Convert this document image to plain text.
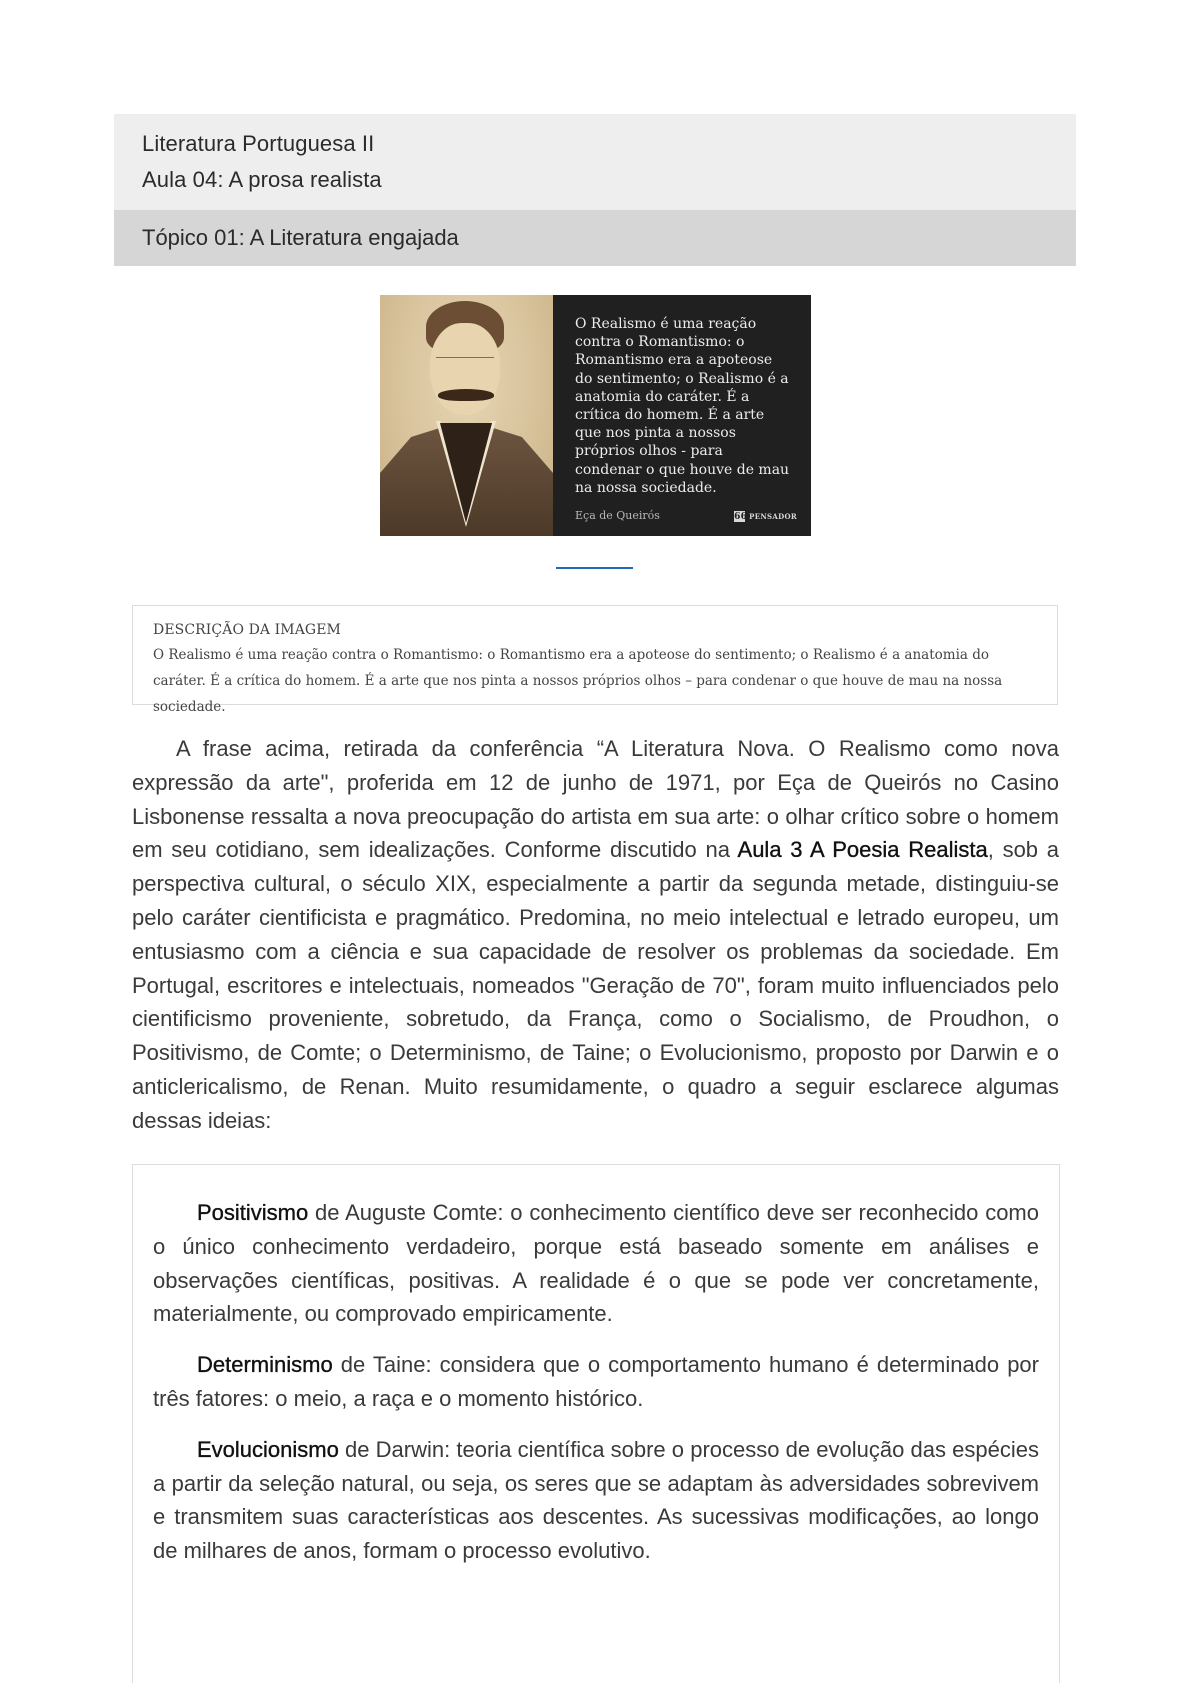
Literatura Portuguesa II
Aula 04: A prosa realista
Tópico 01: A Literatura engajada
O Realismo é uma reação contra o Romantismo: o Romantismo era a apoteose do sentimento; o Realismo é a anatomia do caráter. É a crítica do homem. É a arte que nos pinta a nossos próprios olhos - para condenar o que houve de mau na nossa sociedade.
Eça de Queirós	66 PENSADOR
DESCRIÇÃO DA IMAGEM
O Realismo é uma reação contra o Romantismo: o Romantismo era a apoteose do sentimento; o Realismo é a anatomia do caráter. É a crítica do homem. É a arte que nos pinta a nossos próprios olhos – para condenar o que houve de mau na nossa sociedade.

A frase acima, retirada da conferência “A Literatura Nova. O Realismo como nova expressão da arte", proferida em 12 de junho de 1971, por Eça de Queirós no Casino Lisbonense ressalta a nova preocupação do artista em sua arte: o olhar crítico sobre o homem em seu cotidiano, sem idealizações. Conforme discutido na Aula 3 A Poesia Realista, sob a perspectiva cultural, o século XIX, especialmente a partir da segunda metade, distinguiu-se pelo caráter cientificista e pragmático. Predomina, no meio intelectual e letrado europeu, um entusiasmo com a ciência e sua capacidade de resolver os problemas da sociedade. Em Portugal, escritores e intelectuais, nomeados "Geração de 70", foram muito influenciados pelo cientificismo proveniente, sobretudo, da França, como o Socialismo, de Proudhon, o Positivismo, de Comte; o Determinismo, de Taine; o Evolucionismo, proposto por Darwin e o anticlericalismo, de Renan. Muito resumidamente, o quadro a seguir esclarece algumas dessas ideias:

Positivismo de Auguste Comte: o conhecimento científico deve ser reconhecido como o único conhecimento verdadeiro, porque está baseado somente em análises e observações científicas, positivas. A realidade é o que se pode ver concretamente, materialmente, ou comprovado empiricamente.

Determinismo de Taine: considera que o comportamento humano é determinado por três fatores: o meio, a raça e o momento histórico.

Evolucionismo de Darwin: teoria científica sobre o processo de evolução das espécies a partir da seleção natural, ou seja, os seres que se adaptam às adversidades sobrevivem e transmitem suas características aos descentes. As sucessivas modificações, ao longo de milhares de anos, formam o processo evolutivo.
